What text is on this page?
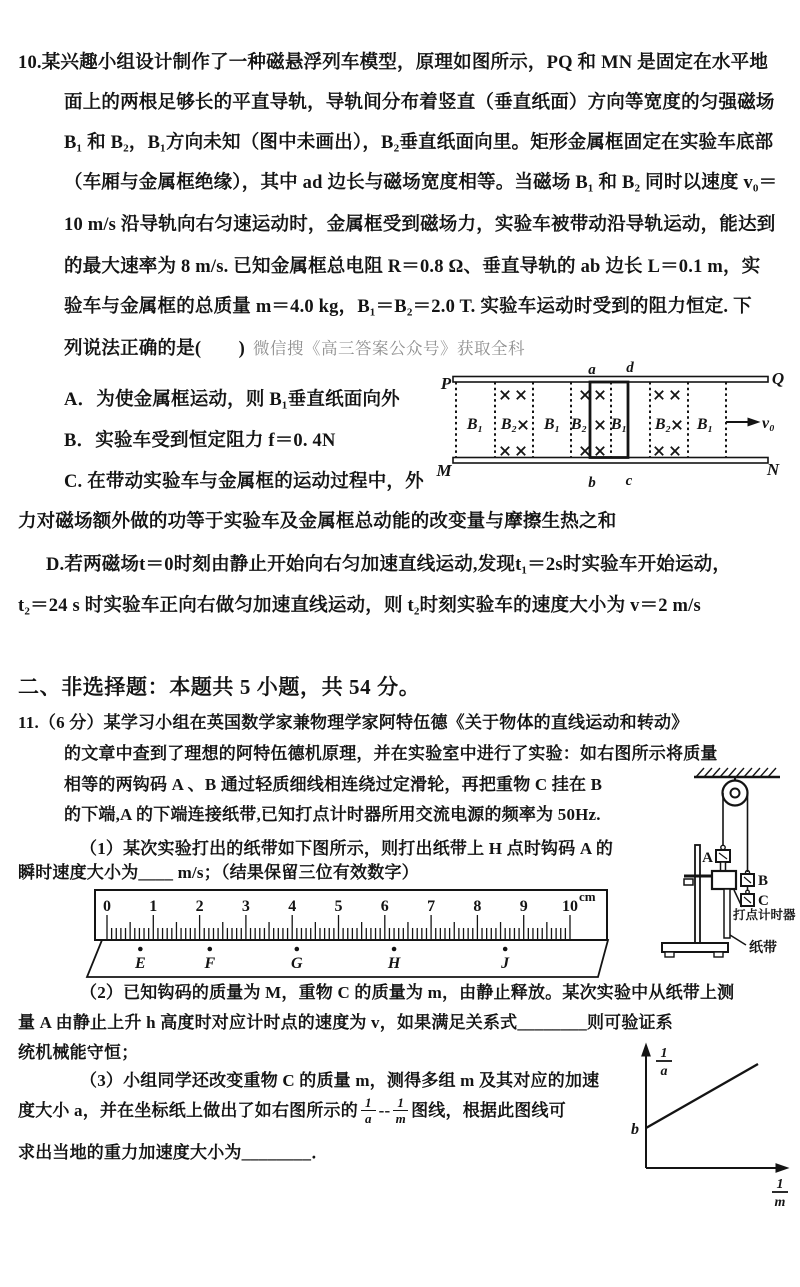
10.某兴趣小组设计制作了一种磁悬浮列车模型，原理如图所示，PQ 和 MN 是固定在水平地
面上的两根足够长的平直导轨，导轨间分布着竖直（垂直纸面）方向等宽度的匀强磁场
B₁ 和 B₂，B₁方向未知（图中未画出），B₂垂直纸面向里。矩形金属框固定在实验车底部
（车厢与金属框绝缘），其中 ad 边长与磁场宽度相等。当磁场 B₁ 和 B₂ 同时以速度 v₀＝
10 m/s 沿导轨向右匀速运动时，金属框受到磁场力，实验车被带动沿导轨运动，能达到
的最大速率为 8 m/s. 已知金属框总电阻 R＝0.8 Ω、垂直导轨的 ab 边长 L＝0.1 m，实
验车与金属框的总质量 m＝4.0 kg，B₁＝B₂＝2.0 T. 实验车运动时受到的阻力恒定. 下
列说法正确的是(　　) 微信搜《高三答案公众号》获取全科
A．为使金属框运动，则 B₁垂直纸面向外
B．实验车受到恒定阻力 f＝0. 4N
C. 在带动实验车与金属框的运动过程中，外
力对磁场额外做的功等于实验车及金属框总动能的改变量与摩擦生热之和
D.若两磁场t＝0时刻由静止开始向右匀加速直线运动,发现t₁＝2s时实验车开始运动，
t₂＝24 s 时实验车正向右做匀加速直线运动，则 t₂时刻实验车的速度大小为 v＝2 m/s
B₁ B₂ B₁ B₂ B₁ B₂ B₁
P	Q
M	N
a d
b c
v₀
二、非选择题：本题共 5 小题，共 54 分。
11.（6 分）某学习小组在英国数学家兼物理学家阿特伍德《关于物体的直线运动和转动》
的文章中查到了理想的阿特伍德机原理，并在实验室中进行了实验：如右图所示将质量
相等的两钩码 A 、B 通过轻质细线相连绕过定滑轮，再把重物 C 挂在 B
的下端,A 的下端连接纸带,已知打点计时器所用交流电源的频率为 50Hz.
（1）某次实验打出的纸带如下图所示，则打出纸带上 H 点时钩码 A 的
瞬时速度大小为____ m/s；（结果保留三位有效数字）
0 1 2 3 4 5 6 7 8 9 10
cm
E	F	G	H	J
A
B
C
打点计时器
纸带
（2）已知钩码的质量为 M，重物 C 的质量为 m，由静止释放。某次实验中从纸带上测
量 A 由静止上升 h 高度时对应计时点的速度为 v，如果满足关系式________则可验证系
统机械能守恒；
（3）小组同学还改变重物 C 的质量 m，测得多组 m 及其对应的加速
度大小 a，并在坐标纸上做出了如右图所示的 $\frac{1}{a} -- \frac{1}{m}$ 图线，根据此图线可
求出当地的重力加速度大小为________．
b
1
a
1
m
